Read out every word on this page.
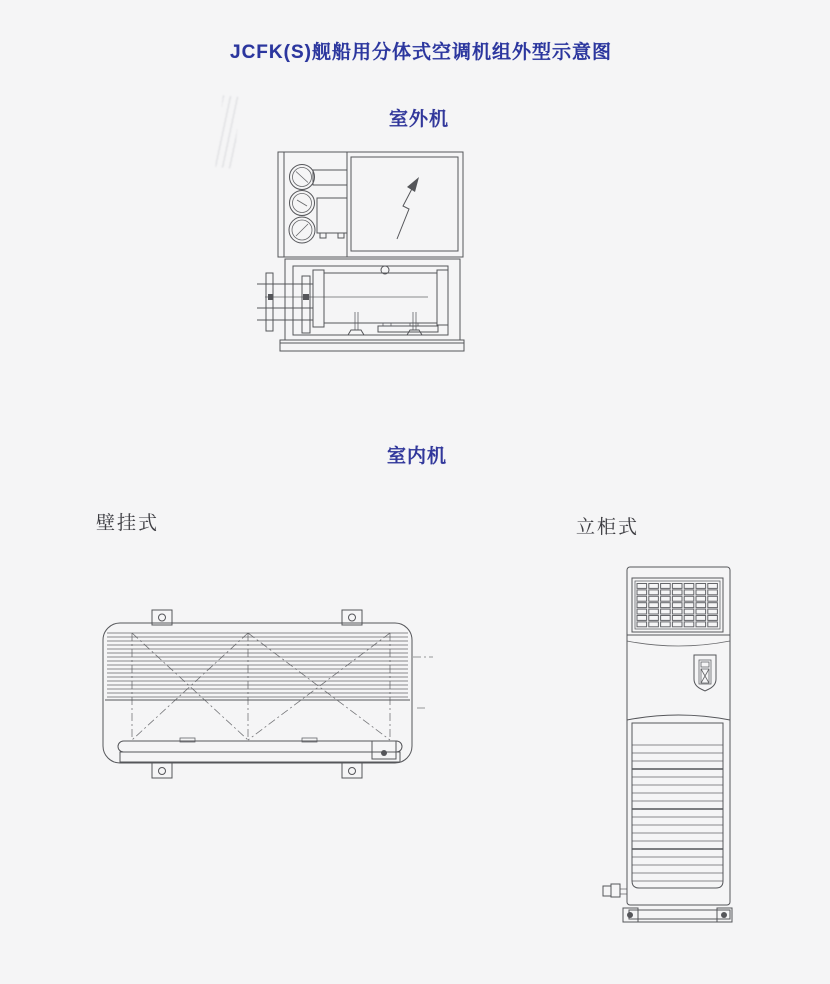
JCFK(S)舰船用分体式空调机组外型示意图
室外机
室内机
壁挂式	立柜式
